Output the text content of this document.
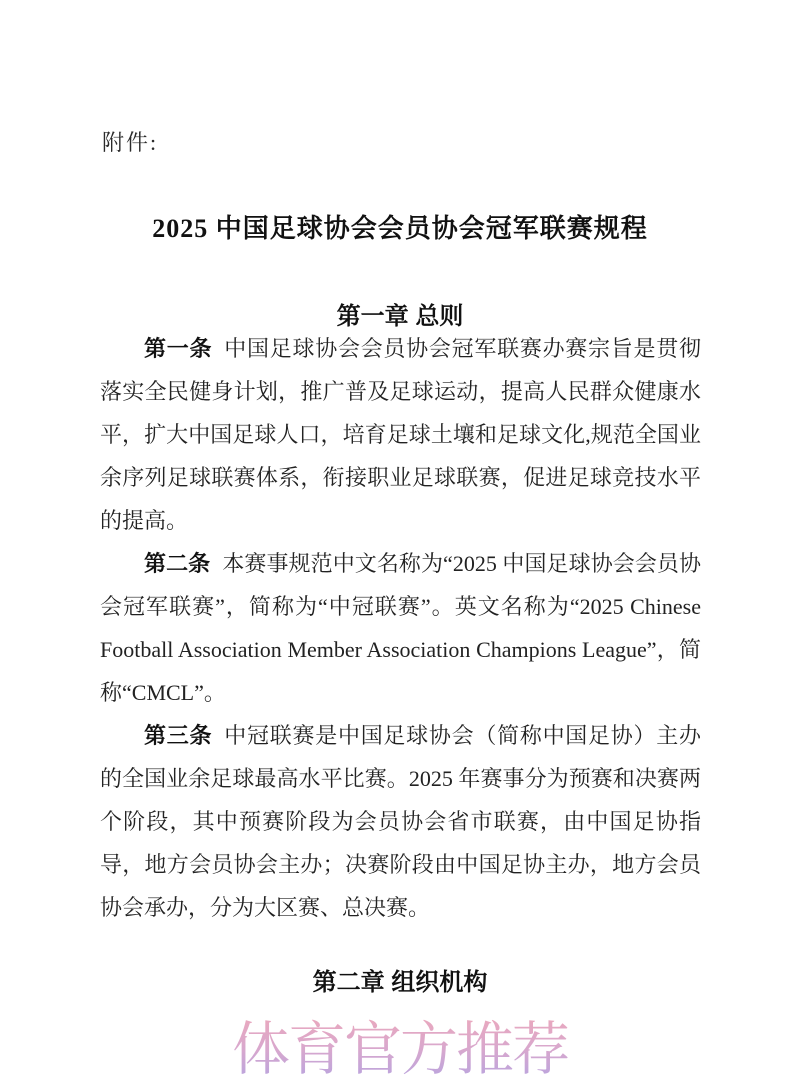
附件:
2025 中国足球协会会员协会冠军联赛规程
第一章 总则

第一条 中国足球协会会员协会冠军联赛办赛宗旨是贯彻落实全民健身计划，推广普及足球运动，提高人民群众健康水平，扩大中国足球人口，培育足球土壤和足球文化,规范全国业余序列足球联赛体系，衔接职业足球联赛，促进足球竞技水平的提高。

第二条 本赛事规范中文名称为“2025 中国足球协会会员协会冠军联赛”，简称为“中冠联赛”。英文名称为“2025 Chinese Football Association Member Association Champions League”，简称“CMCL”。

第三条 中冠联赛是中国足球协会（简称中国足协）主办的全国业余足球最高水平比赛。2025 年赛事分为预赛和决赛两个阶段，其中预赛阶段为会员协会省市联赛，由中国足协指导，地方会员协会主办；决赛阶段由中国足协主办，地方会员协会承办，分为大区赛、总决赛。

第二章 组织机构
体育官方推荐
